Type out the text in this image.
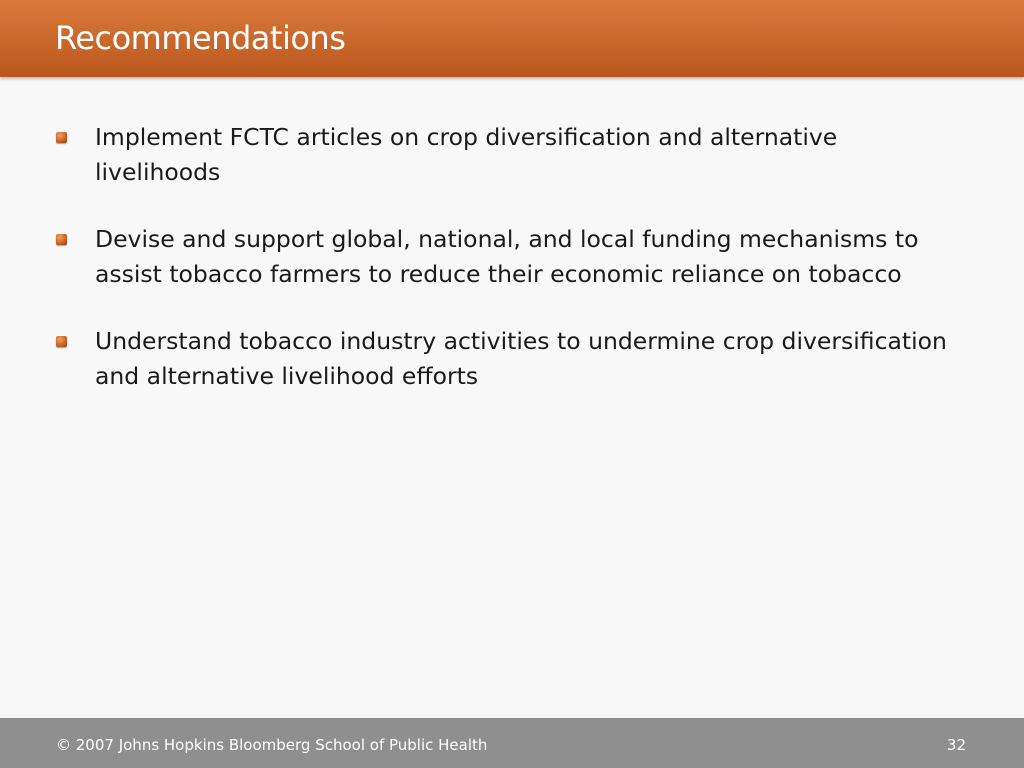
Recommendations
Implement FCTC articles on crop diversification and alternative livelihoods
Devise and support global, national, and local funding mechanisms to assist tobacco farmers to reduce their economic reliance on tobacco
Understand tobacco industry activities to undermine crop diversification and alternative livelihood efforts
© 2007 Johns Hopkins Bloomberg School of Public Health	32
